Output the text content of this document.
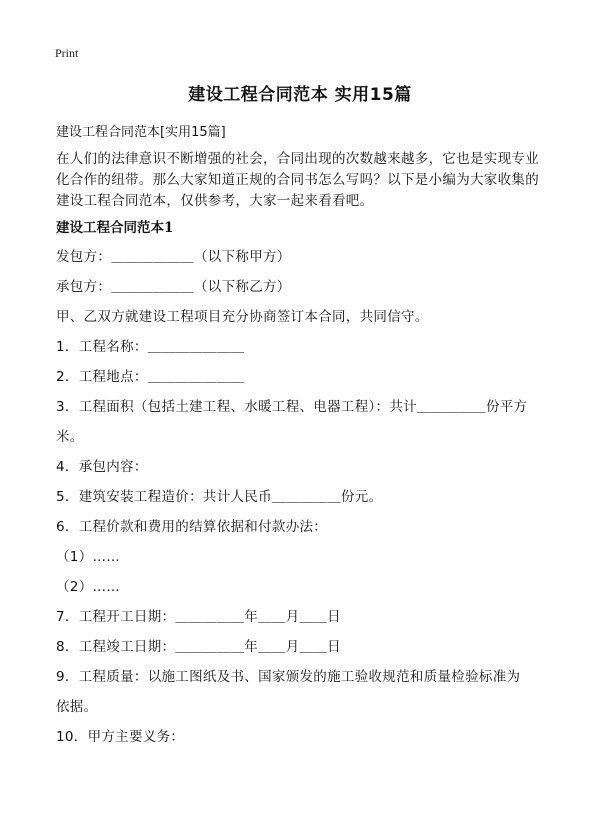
Print
建设工程合同范本 实用15篇
建设工程合同范本[实用15篇]
在人们的法律意识不断增强的社会，合同出现的次数越来越多，它也是实现专业化合作的纽带。那么大家知道正规的合同书怎么写吗？以下是小编为大家收集的建设工程合同范本，仅供参考，大家一起来看看吧。
建设工程合同范本1
发包方：＿＿＿＿＿＿（以下称甲方）
承包方：＿＿＿＿＿＿（以下称乙方）
甲、乙双方就建设工程项目充分协商签订本合同，共同信守。
1．工程名称：＿＿＿＿＿＿＿
2．工程地点：＿＿＿＿＿＿＿
3．工程面积（包括土建工程、水暖工程、电器工程）：共计＿＿＿＿＿份平方
米。
4．承包内容：
5．建筑安装工程造价：共计人民币＿＿＿＿＿份元。
6．工程价款和费用的结算依据和付款办法：
（1）……
（2）……
7．工程开工日期：＿＿＿＿＿年＿＿月＿＿日
8．工程竣工日期：＿＿＿＿＿年＿＿月＿＿日
9．工程质量：以施工图纸及书、国家颁发的施工验收规范和质量检验标准为
依据。
10．甲方主要义务：
